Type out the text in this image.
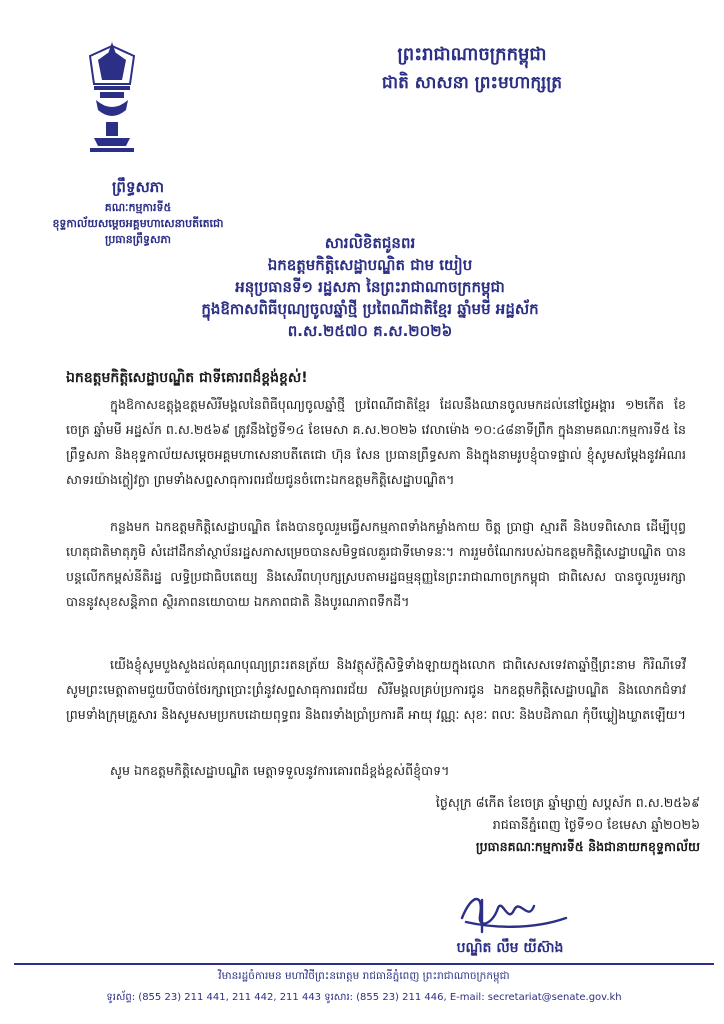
ព្រះរាជាណាចក្រកម្ពុជា
ជាតិ សាសនា ព្រះមហាក្សត្រ
ព្រឹទ្ធសភា
គណៈកម្មការទី៥
ខុទ្ទកាល័យសម្តេចអគ្គមហាសេនាបតីតេជោ
ប្រធានព្រឹទ្ធសភា	សារលិខិតជូនពរ
ឯកឧត្តមកិត្តិសេដ្ឋាបណ្ឌិត ជាម យៀប
អនុប្រធានទី១ រដ្ឋសភា នៃព្រះរាជាណាចក្រកម្ពុជា
ក្នុងឱកាសពិធីបុណ្យចូលឆ្នាំថ្មី ប្រពៃណីជាតិខ្មែរ ឆ្នាំមមី អដ្ឋស័ក
ព.ស.២៥៧០ គ.ស.២០២៦
ឯកឧត្តមកិត្តិសេដ្ឋាបណ្ឌិត ជាទីគោរពដ៏ខ្ពង់ខ្ពស់!

ក្នុងឱកាសឧត្តុង្គឧត្តមសិរីមង្គលនៃពិធីបុណ្យចូលឆ្នាំថ្មី ប្រពៃណីជាតិខ្មែរ ដែលនឹងឈានចូលមកដល់នៅថ្ងៃអង្គារ ១២កើត ខែចេត្រ ឆ្នាំមមី អដ្ឋស័ក ព.ស.២៥៦៩ ត្រូវនឹងថ្ងៃទី១៤ ខែមេសា គ.ស.២០២៦ វេលាម៉ោង ១០:៤៨នាទីព្រឹក ក្នុងនាមគណៈកម្មការទី៥ នៃព្រឹទ្ធសភា និងខុទ្ទកាល័យសម្តេចអគ្គមហាសេនាបតីតេជោ ហ៊ុន សែន ប្រធានព្រឹទ្ធសភា និងក្នុងនាមរូបខ្ញុំបាទផ្ទាល់ ខ្ញុំសូមសម្តែងនូវអំណរសាទរយ៉ាងក្លៀវក្លា ព្រមទាំងសព្ទសាធុការពរជ័យជូនចំពោះឯកឧត្តមកិត្តិសេដ្ឋាបណ្ឌិត។

កន្លងមក ឯកឧត្តមកិត្តិសេដ្ឋាបណ្ឌិត តែងបានចូលរួមធ្វើសកម្មភាពទាំងកម្លាំងកាយ ចិត្ត ប្រាជ្ញា ស្មារតី និងបទពិសោធ ដើម្បីបុព្វហេតុជាតិមាតុភូមិ សំដៅដឹកនាំស្ថាប័នរដ្ឋសភាសម្រេចបានសមិទ្ធផលគួរជាទីមោទនៈ។ ការរួមចំណែករបស់ឯកឧត្តមកិត្តិសេដ្ឋាបណ្ឌិត បានបន្តលើកកម្ពស់នីតិរដ្ឋ លទ្ធិប្រជាធិបតេយ្យ និងសេរីពហុបក្សស្របតាមរដ្ឋធម្មនុញ្ញនៃព្រះរាជាណាចក្រកម្ពុជា ជាពិសេស បានចូលរួមរក្សាបាននូវសុខសន្តិភាព ស្ថិរភាពនយោបាយ ឯកភាពជាតិ និងបូរណភាពទឹកដី។

យើងខ្ញុំសូមបួងសួងដល់គុណបុណ្យព្រះរតនត្រ័យ និងវត្ថុស័ក្តិសិទ្ធិទាំងឡាយក្នុងលោក ជាពិសេសទេវតាឆ្នាំថ្មីព្រះនាម កិរិណីទេវី សូមព្រះមេត្តាតាមជួយបីបាច់ថែរក្សាប្រោះព្រំនូវសព្ទសាធុការពរជ័យ សិរីមង្គលគ្រប់ប្រការជូន ឯកឧត្តមកិត្តិសេដ្ឋាបណ្ឌិត និងលោកជំទាវ ព្រមទាំងក្រុមគ្រួសារ និងសូមសមប្រកបដោយពុទ្ធពរ និងពរទាំងប្រាំប្រការគឺ អាយុ វណ្ណៈ សុខៈ ពលៈ និងបដិភាណ កុំបីឃ្លៀងឃ្លាតឡើយ។

សូម ឯកឧត្តមកិត្តិសេដ្ឋាបណ្ឌិត មេត្តាទទួលនូវការគោរពដ៏ខ្ពង់ខ្ពស់ពីខ្ញុំបាទ។

ថ្ងៃសុក្រ ៨កើត ខែចេត្រ ឆ្នាំម្សាញ់ សប្តស័ក ព.ស.២៥៦៩
រាជធានីភ្នំពេញ ថ្ងៃទី១០ ខែមេសា ឆ្នាំ២០២៦
ប្រធានគណៈកម្មការទី៥ និងជានាយកខុទ្ទកាល័យ
បណ្ឌិត លឹម យីស៊ាង
វិមានរដ្ឋចំការមន មហាវិថីព្រះនរោត្តម រាជធានីភ្នំពេញ ព្រះរាជាណាចក្រកម្ពុជា
ទូរស័ព្ទ: (855 23) 211 441, 211 442, 211 443 ទូរសារ: (855 23) 211 446, E-mail: secretariat@senate.gov.kh
